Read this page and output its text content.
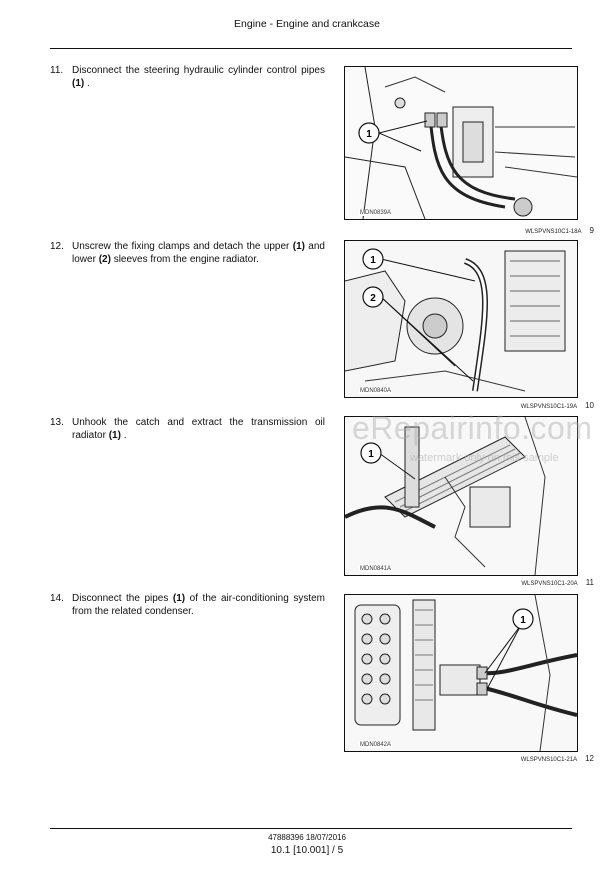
Engine - Engine and crankcase
11. Disconnect the steering hydraulic cylinder control pipes (1) .
1
MDN0839A
WLSPVNS10C1-18A 9
12. Unscrew the fixing clamps and detach the upper (1) and lower (2) sleeves from the engine radiator.	1
2
MDN0840A
WLSPVNS10C1-19A 10
13. Unhook the catch and extract the transmission oil radiator (1) .
1
MDN0841A
WLSPVNS10C1-20A 11
14. Disconnect the pipes (1) of the air-conditioning system from the related condenser.
1
MDN0842A
WLSPVNS10C1-21A 12
eRepairinfo.com
watermark only on this sample
47888396 18/07/2016
10.1 [10.001] / 5
